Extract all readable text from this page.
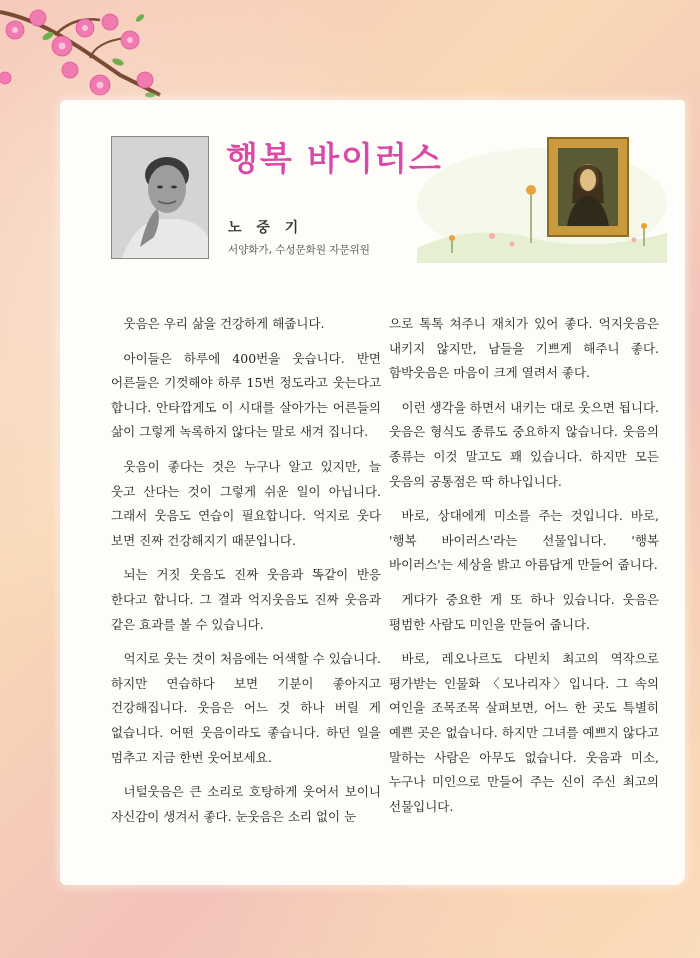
행복 바이러스
노 중 기
서양화가, 수성문화원 자문위원

웃음은 우리 삶을 건강하게 해줍니다.

아이들은 하루에 400번을 웃습니다. 반면 어른들은 기껏해야 하루 15번 정도라고 웃는다고 합니다. 안타깝게도 이 시대를 살아가는 어른들의 삶이 그렇게 녹록하지 않다는 말로 새겨 집니다.

웃음이 좋다는 것은 누구나 알고 있지만, 늘 웃고 산다는 것이 그렇게 쉬운 일이 아닙니다. 그래서 웃음도 연습이 필요합니다. 억지로 웃다 보면 진짜 건강해지기 때문입니다.

뇌는 거짓 웃음도 진짜 웃음과 똑같이 반응 한다고 합니다. 그 결과 억지웃음도 진짜 웃음과 같은 효과를 볼 수 있습니다.

억지로 웃는 것이 처음에는 어색할 수 있습니다. 하지만 연습하다 보면 기분이 좋아지고 건강해집니다. 웃음은 어느 것 하나 버릴 게 없습니다. 어떤 웃음이라도 좋습니다. 하던 일을 멈추고 지금 한번 웃어보세요.

너털웃음은 큰 소리로 호탕하게 웃어서 보이니 자신감이 생겨서 좋다. 눈웃음은 소리 없이 눈

으로 톡톡 쳐주니 재치가 있어 좋다. 억지웃음은 내키지 않지만, 남들을 기쁘게 해주니 좋다. 함박웃음은 마음이 크게 열려서 좋다.

이런 생각을 하면서 내키는 대로 웃으면 됩니다. 웃음은 형식도 종류도 중요하지 않습니다. 웃음의 종류는 이것 말고도 꽤 있습니다. 하지만 모든 웃음의 공통점은 딱 하나입니다.

바로, 상대에게 미소를 주는 것입니다. 바로, '행복 바이러스'라는 선물입니다. '행복 바이러스'는 세상을 밝고 아름답게 만들어 줍니다.

게다가 중요한 게 또 하나 있습니다. 웃음은 평범한 사람도 미인을 만들어 줍니다.

바로, 레오나르도 다빈치 최고의 역작으로 평가받는 인물화 〈모나리자〉입니다. 그 속의 여인을 조목조목 살펴보면, 어느 한 곳도 특별히 예쁜 곳은 없습니다. 하지만 그녀를 예쁘지 않다고 말하는 사람은 아무도 없습니다. 웃음과 미소, 누구나 미인으로 만들어 주는 신이 주신 최고의 선물입니다.
